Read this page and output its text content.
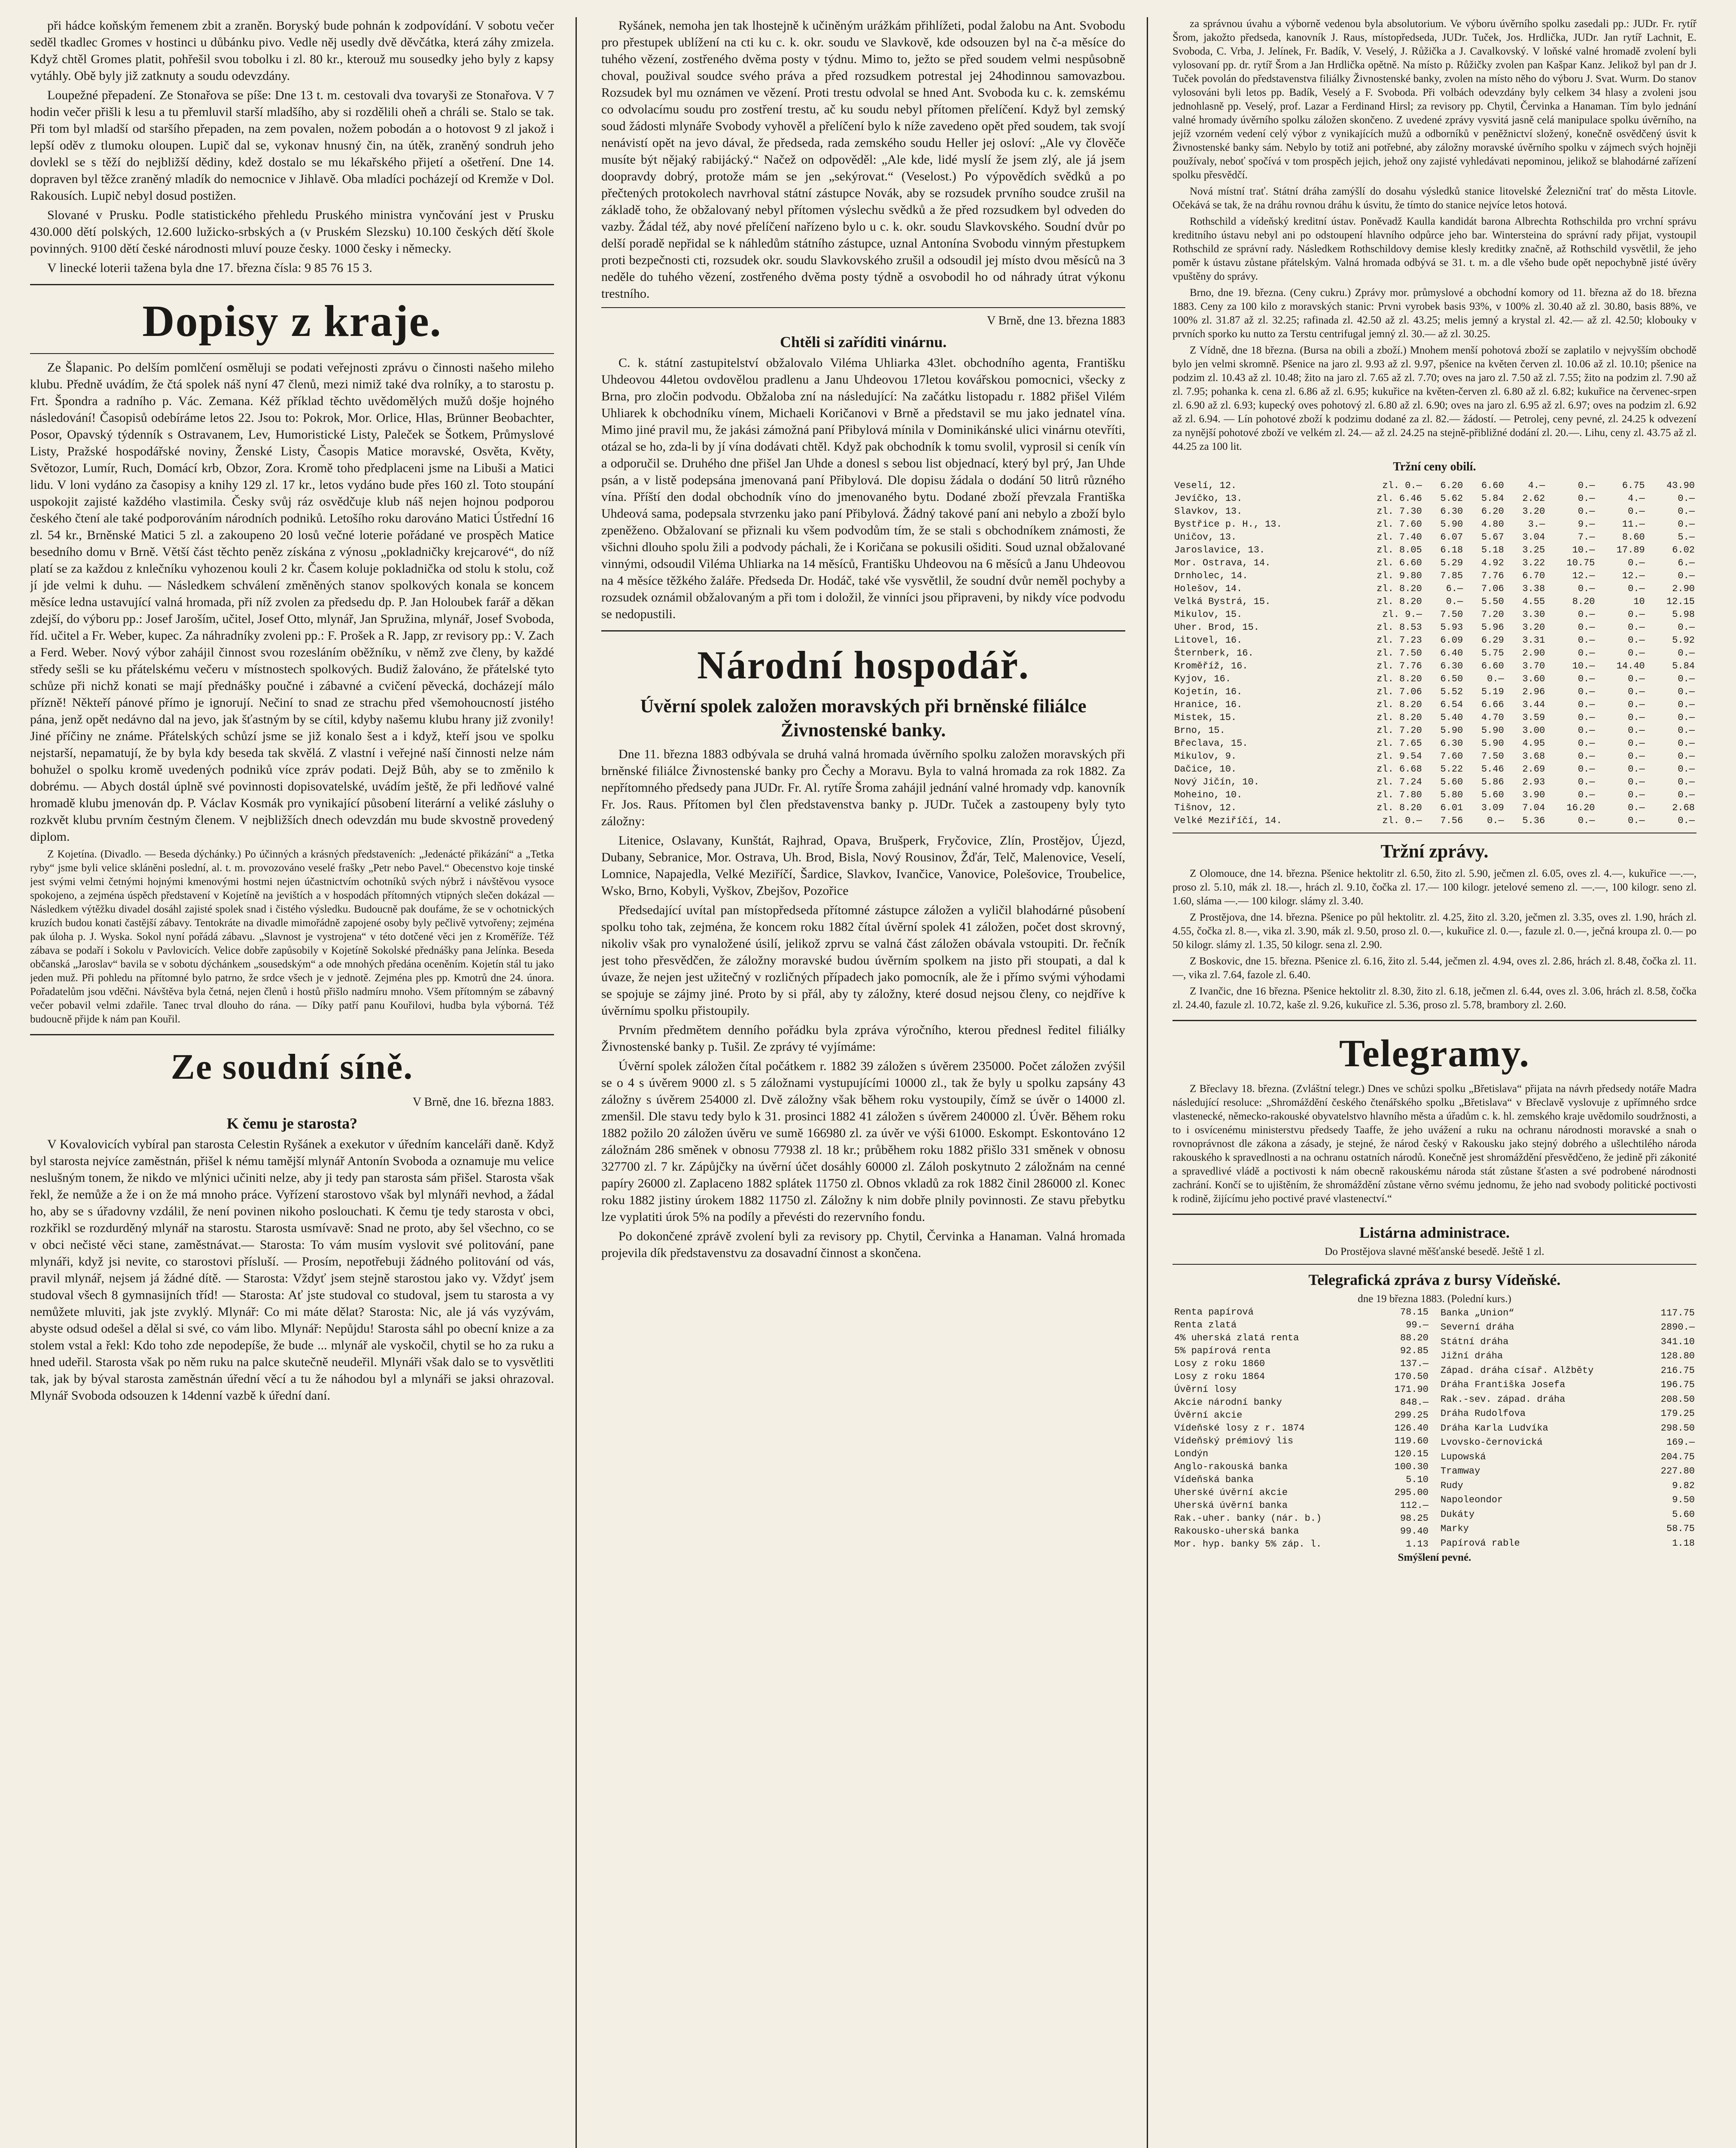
při hádce koňským řemenem zbit a zraněn. Boryský bude pohnán k zodpovídání. V sobotu večer seděl tkadlec Gromes v hostinci u důbánku pivo. Vedle něj usedly dvě děvčátka, která záhy zmizela. Když chtěl Gromes platit, pohřešil svou tobolku i zl. 80 kr., kterouž mu sousedky jeho byly z kapsy vytáhly. Obě byly již zatknuty a soudu odevzdány.

Loupežné přepadení. Ze Stonařova se píše: Dne 13 t. m. cestovali dva tovaryši ze Stonařova. V 7 hodin večer přišli k lesu a tu přemluvil starší mladšího, aby si rozdělili oheň a chráli se. Stalo se tak. Při tom byl mladší od staršího přepaden, na zem povalen, nožem pobodán a o hotovost 9 zl jakož i lepší oděv z tlumoku oloupen. Lupič dal se, vykonav hnusný čin, na útěk, zraněný sondruh jeho dovlekl se s těží do nejbližší dědiny, kdež dostalo se mu lékařského přijetí a ošetření. Dne 14. dopraven byl těžce zraněný mladík do nemocnice v Jihlavě. Oba mladíci pocházejí od Kremže v Dol. Rakousích. Lupič nebyl dosud postižen.

Slované v Prusku. Podle statistického přehledu Pruského ministra vynčování jest v Prusku 430.000 dětí polských, 12.600 lužicko-srbských a (v Pruském Slezsku) 10.100 českých dětí škole povinných. 9100 dětí české národnosti mluví pouze česky. 1000 česky i německy.

V linecké loterii tažena byla dne 17. března čísla: 9 85 76 15 3.

Dopisy z kraje.

Ze Šlapanic. Po delším pomlčení osměluji se podati veřejnosti zprávu o činnosti našeho mileho klubu. Předně uvádím, že čtá spolek náš nyní 47 členů, mezi nimiž také dva rolníky, a to starostu p. Frt. Špondra a radního p. Vác. Zemana. Kéž příklad těchto uvědomělých mužů došje hojného následování! Časopisů odebíráme letos 22. Jsou to: Pokrok, Mor. Orlice, Hlas, Brünner Beobachter, Posor, Opavský týdenník s Ostravanem, Lev, Humoristické Listy, Paleček se Šotkem, Průmyslové Listy, Pražské hospodářské noviny, Ženské Listy, Časopis Matice moravské, Osvěta, Květy, Světozor, Lumír, Ruch, Domácí krb, Obzor, Zora. Kromě toho předplaceni jsme na Libuši a Matici lidu. V loni vydáno za časopisy a knihy 129 zl. 17 kr., letos vydáno bude přes 160 zl. Toto stoupání uspokojit zajisté každého vlastimila. Česky svůj ráz osvědčuje klub náš nejen hojnou podporou českého čtení ale také podporováním národních podniků. Letošího roku darováno Matici Ústřední 16 zl. 54 kr., Brněnské Matici 5 zl. a zakoupeno 20 losů večné loterie pořádané ve prospěch Matice besedního domu v Brně. Větší část těchto peněz získána z výnosu „pokladničky krejcarové“, do níž platí se za každou z knlečníku vyhozenou kouli 2 kr. Časem koluje pokladnička od stolu k stolu, což jí jde velmi k duhu. — Následkem schválení změněných stanov spolkových konala se koncem měsíce ledna ustavující valná hromada, při níž zvolen za předsedu dp. P. Jan Holoubek farář a děkan zdejší, do výboru pp.: Josef Jaroším, učitel, Josef Otto, mlynář, Jan Spružina, mlynář, Josef Svoboda, říd. učitel a Fr. Weber, kupec. Za náhradníky zvoleni pp.: F. Prošek a R. Japp, zr revisory pp.: V. Zach a Ferd. Weber. Nový výbor zahájil činnost svou rozesláním oběžníku, v němž zve členy, by každé středy sešli se ku přátelskému večeru v místnostech spolkových. Budiž žalováno, že přátelské tyto schůze při nichž konati se mají přednášky poučné i zábavné a cvičení pěvecká, docházejí málo přízně! Někteří pánové přímo je ignorují. Nečiní to snad ze strachu před všemohoucností jistého pána, jenž opět nedávno dal na jevo, jak šťastným by se cítil, kdyby našemu klubu hrany již zvonily! Jiné příčiny ne známe. Přátelských schůzí jsme se již konalo šest a i když, kteří jsou ve spolku nejstarší, nepamatují, že by byla kdy beseda tak skvělá. Z vlastní i veřejné naší činnosti nelze nám bohužel o spolku kromě uvedených podniků více zpráv podati. Dejž Bůh, aby se to změnilo k dobrému. — Abych dostál úplně své povinnosti dopisovatelské, uvádím ještě, že při ledňové valné hromadě klubu jmenován dp. P. Václav Kosmák pro vynikající působení literární a veliké zásluhy o rozkvět klubu prvním čestným členem. V nejbližších dnech odevzdán mu bude skvostně provedený diplom.

Z Kojetína. (Divadlo. — Beseda dýchánky.) Po účinných a krásných představeních: „Jedenácté přikázání“ a „Tetka ryby“ jsme byli velice skláněni poslední, al. t. m. provozováno veselé frašky „Petr nebo Pavel.“ Obecenstvo koje tinské jest svými velmi četnými hojnými kmenovými hostmi nejen účastnictvím ochotníků svých nýbrž i návštěvou vysoce spokojeno, a zejména úspěch představení v Kojetíně na jevištích a v hospodách přítomných vtipných slečen dokázal — Následkem výtěžku divadel dosáhl zajisté spolek snad i čistého výsledku. Budoucně pak doufáme, že se v ochotnických kruzích budou konati častější zábavy. Tentokráte na divadle mimořádně zapojené osoby byly pečlivě vytvořeny; zejména pak úloha p. J. Wyska. Sokol nyní pořádá zábavu. „Slavnost je vystrojena“ v této dotčené věci jen z Kroměříže. Též zábava se podaří i Sokolu v Pavlovicích. Velice dobře zapůsobily v Kojetíně Sokolské přednášky pana Jelínka. Beseda občanská „Jaroslav“ bavila se v sobotu dýchánkem „sousedským“ a ode mnohých předána oceněním. Kojetín stál tu jako jeden muž. Při pohledu na přítomné bylo patrno, že srdce všech je v jednotě. Zejména ples pp. Kmotrů dne 24. února. Pořadatelům jsou vděčni. Návštěva byla četná, nejen členů i hostů přišlo nadmíru mnoho. Všem přítomným se zábavný večer pobavil velmi zdařile. Tanec trval dlouho do rána. — Díky patří panu Kouřilovi, hudba byla výborná. Též budoucně přijde k nám pan Kouřil.

Ze soudní síně.
V Brně, dne 16. března 1883.
K čemu je starosta?

V Kovalovicích vybíral pan starosta Celestin Ryšánek a exekutor v úředním kanceláři daně. Když byl starosta nejvíce zaměstnán, přišel k nému tamější mlynář Antonín Svoboda a oznamuje mu velice neslušným tonem, že nikdo ve mlýnici učiniti nelze, aby ji tedy pan starosta sám přišel. Starosta však řekl, že nemůže a že i on že má mnoho práce. Vyřízení starostovo však byl mlynáři nevhod, a žádal ho, aby se s úřadovny vzdálil, že není povinen nikoho poslouchati. K čemu tje tedy starosta v obci, rozkřikl se rozdurděný mlynář na starostu. Starosta usmívavě: Snad ne proto, aby šel všechno, co se v obci nečisté věci stane, zaměstnávat.— Starosta: To vám musím vyslovit své politování, pane mlynáři, když jsi nevite, co starostovi přísluší. — Prosím, nepotřebuji žádného politování od vás, pravil mlynář, nejsem já žádné dítě. — Starosta: Vždyť jsem stejně starostou jako vy. Vždyť jsem studoval všech 8 gymnasijních tříd! — Starosta: Ať jste studoval co studoval, jsem tu starosta a vy nemůžete mluviti, jak jste zvyklý. Mlynář: Co mi máte dělat? Starosta: Nic, ale já vás vyzývám, abyste odsud odešel a dělal si své, co vám libo. Mlynář: Nepůjdu! Starosta sáhl po obecní knize a za stolem vstal a řekl: Kdo toho zde nepodepíše, že bude ... mlynář ale vyskočil, chytil se ho za ruku a hned udeřil. Starosta však po něm ruku na palce skutečně neudeřil. Mlynáři však dalo se to vysvětliti tak, jak by býval starosta zaměstnán úřední věcí a tu že náhodou byl a mlynáři se jaksi ohrazoval. Mlynář Svoboda odsouzen k 14denní vazbě k úřední daní.

Ryšánek, nemoha jen tak lhostejně k učiněným urážkám přihlížeti, podal žalobu na Ant. Svobodu pro přestupek ublížení na cti ku c. k. okr. soudu ve Slavkově, kde odsouzen byl na č-a měsíce do tuhého vězení, zostřeného dvěma posty v týdnu. Mimo to, ježto se před soudem velmi nespůsobně choval, použival soudce svého práva a před rozsudkem potrestal jej 24hodinnou samovazbou. Rozsudek byl mu oznámen ve vězení. Proti trestu odvolal se hned Ant. Svoboda ku c. k. zemskému co odvolacímu soudu pro zostření trestu, ač ku soudu nebyl přítomen přelíčení. Když byl zemský soud žádosti mlynáře Svobody vyhověl a přelíčení bylo k níže zavedeno opět před soudem, tak svojí nenávistí opět na jevo dával, že předseda, rada zemského soudu Heller jej osloví: „Ale vy člověče musíte být nějaký rabijácký.“ Načež on odpověděl: „Ale kde, lidé myslí že jsem zlý, ale já jsem doopravdy dobrý, protože mám se jen „sekýrovat.“ (Veselost.) Po výpovědích svědků a po přečtených protokolech navrhoval státní zástupce Novák, aby se rozsudek prvního soudce zrušil na základě toho, že obžalovaný nebyl přítomen výslechu svědků a že před rozsudkem byl odveden do vazby. Žádal též, aby nové přelíčení nařízeno bylo u c. k. okr. soudu Slavkovského. Soudní dvůr po delší poradě nepřidal se k náhledům státního zástupce, uznal Antonína Svobodu vinným přestupkem proti bezpečnosti cti, rozsudek okr. soudu Slavkovského zrušil a odsoudil jej místo dvou měsíců na 3 neděle do tuhého vězení, zostřeného dvěma posty týdně a osvobodil ho od náhrady útrat výkonu trestního.

V Brně, dne 13. března 1883
Chtěli si zaříditi vinárnu.

C. k. státní zastupitelství obžalovalo Viléma Uhliarka 43let. obchodního agenta, Františku Uhdeovou 44letou ovdovělou pradlenu a Janu Uhdeovou 17letou kovářskou pomocnici, všecky z Brna, pro zločin podvodu. Obžaloba zní na následující: Na začátku listopadu r. 1882 přišel Vilém Uhliarek k obchodníku vínem, Michaeli Koričanovi v Brně a představil se mu jako jednatel vína. Mimo jiné pravil mu, že jakási zámožná paní Přibylová mínila v Dominikánské ulici vinárnu otevříti, otázal se ho, zda-li by jí vína dodávati chtěl. Když pak obchodník k tomu svolil, vyprosil si ceník vín a odporučil se. Druhého dne přišel Jan Uhde a donesl s sebou list objednací, který byl prý, Jan Uhde psán, a v listě podepsána jmenovaná paní Přibylová. Dle dopisu žádala o dodání 50 litrů různého vína. Příští den dodal obchodník víno do jmenovaného bytu. Dodané zboží převzala Františka Uhdeová sama, podepsala stvrzenku jako paní Přibylová. Žádný takové paní ani nebylo a zboží bylo zpeněženo. Obžalovaní se přiznali ku všem podvodům tím, že se stali s obchodníkem známosti, že všichni dlouho spolu žili a podvody páchali, že i Koričana se pokusili ošiditi. Soud uznal obžalované vinnými, odsoudil Viléma Uhliarka na 14 měsíců, Františku Uhdeovou na 6 měsíců a Janu Uhdeovou na 4 měsíce těžkého žaláře. Předseda Dr. Hodáč, také vše vysvětlil, že soudní dvůr neměl pochyby a rozsudek oznámil obžalovaným a při tom i doložil, že vinníci jsou připraveni, by nikdy více podvodu se nedopustili.

Národní hospodář.
Úvěrní spolek založen moravských při brněnské filiálce Živnostenské banky.

Dne 11. března 1883 odbývala se druhá valná hromada úvěrního spolku založen moravských při brněnské filiálce Živnostenské banky pro Čechy a Moravu. Byla to valná hromada za rok 1882. Za nepřítomného předsedy pana JUDr. Fr. Al. rytíře Šroma zahájil jednání valné hromady vdp. kanovník Fr. Jos. Raus. Přítomen byl člen představenstva banky p. JUDr. Tuček a zastoupeny byly tyto záložny:

Litenice, Oslavany, Kunštát, Rajhrad, Opava, Brušperk, Fryčovice, Zlín, Prostějov, Újezd, Dubany, Sebranice, Mor. Ostrava, Uh. Brod, Bisla, Nový Rousinov, Žďár, Telč, Malenovice, Veselí, Lomnice, Napajedla, Velké Meziříčí, Šardice, Slavkov, Ivančice, Vanovice, Polešovice, Troubelice, Wsko, Brno, Kobyli, Vyškov, Zbejšov, Pozořice

Předsedající uvítal pan místopředseda přítomné zástupce záložen a vyličil blahodárné působení spolku toho tak, zejména, že koncem roku 1882 čítal úvěrní spolek 41 záložen, počet dost skrovný, nikoliv však pro vynaložené úsilí, jelikož zprvu se valná část záložen obávala vstoupiti. Dr. řečník jest toho přesvědčen, že záložny moravské budou úvěrním spolkem na jisto při stoupati, a dal k úvaze, že nejen jest užitečný v rozličných případech jako pomocník, ale že i přímo svými výhodami se spojuje se zájmy jiné. Proto by si přál, aby ty záložny, které dosud nejsou členy, co nejdříve k úvěrnímu spolku přistoupily.

Prvním předmětem denního pořádku byla zpráva výročního, kterou přednesl ředitel filiálky Živnostenské banky p. Tušil. Ze zprávy té vyjímáme:

Úvěrní spolek záložen čítal počátkem r. 1882 39 záložen s úvěrem 235000. Počet záložen zvýšil se o 4 s úvěrem 9000 zl. s 5 záložnami vystupujícími 10000 zl., tak že byly u spolku zapsány 43 záložny s úvěrem 254000 zl. Dvě záložny však během roku vystoupily, čímž se úvěr o 14000 zl. zmenšil. Dle stavu tedy bylo k 31. prosinci 1882 41 záložen s úvěrem 240000 zl. Úvěr. Během roku 1882 požilo 20 záložen úvěru ve sumě 166980 zl. za úvěr ve výši 61000. Eskompt. Eskontováno 12 záložnám 286 směnek v obnosu 77938 zl. 18 kr.; průběhem roku 1882 přišlo 331 směnek v obnosu 327700 zl. 7 kr. Zápůjčky na úvěrní účet dosáhly 60000 zl. Záloh poskytnuto 2 záložnám na cenné papíry 26000 zl. Zaplaceno 1882 splátek 11750 zl. Obnos vkladů za rok 1882 činil 286000 zl. Konec roku 1882 jistiny úrokem 1882 11750 zl. Záložny k nim dobře plnily povinnosti. Ze stavu přebytku lze vyplatiti úrok 5% na podíly a převésti do rezervního fondu.

Po dokončené zprávě zvolení byli za revisory pp. Chytil, Červinka a Hanaman. Valná hromada projevila dík představenstvu za dosavadní činnost a skončena.

za správnou úvahu a výborně vedenou byla absolutorium. Ve výboru úvěrního spolku zasedali pp.: JUDr. Fr. rytíř Šrom, jakožto předseda, kanovník J. Raus, místopředseda, JUDr. Tuček, Jos. Hrdlička, JUDr. Jan rytíř Lachnit, E. Svoboda, C. Vrba, J. Jelínek, Fr. Badík, V. Veselý, J. Růžička a J. Cavalkovský. V loňské valné hromadě zvolení byli vylosovaní pp. dr. rytíř Šrom a Jan Hrdlička opětně. Na místo p. Růžičky zvolen pan Kašpar Kanz. Jelikož byl pan dr J. Tuček povolán do představenstva filiálky Živnostenské banky, zvolen na místo něho do výboru J. Svat. Wurm. Do stanov vylosováni byli letos pp. Badík, Veselý a F. Svoboda. Při volbách odevzdány byly celkem 34 hlasy a zvoleni jsou jednohlasně pp. Veselý, prof. Lazar a Ferdinand Hirsl; za revisory pp. Chytil, Červinka a Hanaman. Tím bylo jednání valné hromady úvěrního spolku záložen skončeno. Z uvedené zprávy vysvitá jasně celá manipulace spolku úvěrního, na jejíž vzorném vedení celý výbor z vynikajících mužů a odborníků v peněžnictví složený, konečně osvědčený úsvit k Živnostenské banky sám. Nebylo by totiž ani potřebné, aby záložny moravské úvěrního spolku v zájmech svých hojněji používaly, neboť spočívá v tom prospěch jejich, jehož ony zajisté vyhledávati nepominou, jelikož se blahodárné zařízení spolku přesvědčí.

Nová místní trať. Státní dráha zamýšlí do dosahu výsledků stanice litovelské Železniční trať do města Litovle. Očekává se tak, že na dráhu rovnou dráhu k úsvitu, že tímto do stanice nejvíce letos hotová.

Rothschild a vídeňský kreditní ústav. Poněvadž Kaulla kandidát barona Albrechta Rothschilda pro vrchní správu kreditního ústavu nebyl ani po odstoupení hlavního odpůrce jeho bar. Wintersteina do správní rady přijat, vystoupil Rothschild ze správní rady. Následkem Rothschildovy demise klesly kreditky značně, až Rothschild vysvětlil, že jeho poměr k ústavu zůstane přátelským. Valná hromada odbývá se 31. t. m. a dle všeho bude opět nepochybně jisté úvěry vpuštěny do správy.

Brno, dne 19. března. (Ceny cukru.) Zprávy mor. průmyslové a obchodní komory od 11. března až do 18. března 1883. Ceny za 100 kilo z moravských stanic: Prvni vyrobek basis 93%, v 100% zl. 30.40 až zl. 30.80, basis 88%, ve 100% zl. 31.87 až zl. 32.25; rafinada zl. 42.50 až zl. 43.25; melis jemný a krystal zl. 42.— až zl. 42.50; klobouky v prvních sporko ku nutto za Terstu centrifugal jemný zl. 30.— až zl. 30.25.

Z Vídně, dne 18 března. (Bursa na obili a zboží.) Mnohem menší pohotová zboží se zaplatilo v nejvyšším obchodě bylo jen velmi skromně. Pšenice na jaro zl. 9.93 až zl. 9.97, pšenice na květen červen zl. 10.06 až zl. 10.10; pšenice na podzim zl. 10.43 až zl. 10.48; žito na jaro zl. 7.65 až zl. 7.70; oves na jaro zl. 7.50 až zl. 7.55; žito na podzim zl. 7.90 až zl. 7.95; pohanka k. cena zl. 6.86 až zl. 6.95; kukuřice na květen-červen zl. 6.80 až zl. 6.82; kukuřice na červenec-srpen zl. 6.90 až zl. 6.93; kupecký oves pohotový zl. 6.80 až zl. 6.90; oves na jaro zl. 6.95 až zl. 6.97; oves na podzim zl. 6.92 až zl. 6.94. — Lín pohotové zboží k podzimu dodané za zl. 82.— žádostí. — Petrolej, ceny pevné, zl. 24.25 k odvezení za nynější pohotové zboží ve velkém zl. 24.— až zl. 24.25 na stejně-přibližné dodání zl. 20.—. Lihu, ceny zl. 43.75 až zl. 44.25 za 100 lit.

Tržní ceny obilí.
Veselí, 12.	zl. 0.—	6.20	6.60	4.—	0.—	6.75	43.90
Jevíčko, 13.	zl. 6.46	5.62	5.84	2.62	0.—	4.—	0.—
Slavkov, 13.	zl. 7.30	6.30	6.20	3.20	0.—	0.—	0.—
Bystřice p. H., 13.	zl. 7.60	5.90	4.80	3.—	9.—	11.—	0.—
Uničov, 13.	zl. 7.40	6.07	5.67	3.04	7.—	8.60	5.—
Jaroslavice, 13.	zl. 8.05	6.18	5.18	3.25	10.—	17.89	6.02
Mor. Ostrava, 14.	zl. 6.60	5.29	4.92	3.22	10.75	0.—	6.—
Drnholec, 14.	zl. 9.80	7.85	7.76	6.70	12.—	12.—	0.—
Holešov, 14.	zl. 8.20	6.—	7.06	3.38	0.—	0.—	2.90
Velká Bystrá, 15.	zl. 8.20	0.—	5.50	4.55	8.20	10	12.15
Mikulov, 15.	zl. 9.—	7.50	7.20	3.30	0.—	0.—	5.98
Uher. Brod, 15.	zl. 8.53	5.93	5.96	3.20	0.—	0.—	0.—
Litovel, 16.	zl. 7.23	6.09	6.29	3.31	0.—	0.—	5.92
Šternberk, 16.	zl. 7.50	6.40	5.75	2.90	0.—	0.—	0.—
Kroměříž, 16.	zl. 7.76	6.30	6.60	3.70	10.—	14.40	5.84
Kyjov, 16.	zl. 8.20	6.50	0.—	3.60	0.—	0.—	0.—
Kojetín, 16.	zl. 7.06	5.52	5.19	2.96	0.—	0.—	0.—
Hranice, 16.	zl. 8.20	6.54	6.66	3.44	0.—	0.—	0.—
Mistek, 15.	zl. 8.20	5.40	4.70	3.59	0.—	0.—	0.—
Brno, 15.	zl. 7.20	5.90	5.90	3.00	0.—	0.—	0.—
Břeclava, 15.	zl. 7.65	6.30	5.90	4.95	0.—	0.—	0.—
Mikulov, 9.	zl. 9.54	7.60	7.50	3.68	0.—	0.—	0.—
Dačice, 10.	zl. 6.68	5.22	5.46	2.69	0.—	0.—	0.—
Nový Jičín, 10.	zl. 7.24	5.60	5.86	2.93	0.—	0.—	0.—
Moheino, 10.	zl. 7.80	5.80	5.60	3.90	0.—	0.—	0.—
Tišnov, 12.	zl. 8.20	6.01	3.09	7.04	16.20	0.—	2.68
Velké Meziříčí, 14.	zl. 0.—	7.56	0.—	5.36	0.—	0.—	0.—
Tržní zprávy.

Z Olomouce, dne 14. března. Pšenice hektolitr zl. 6.50, žito zl. 5.90, ječmen zl. 6.05, oves zl. 4.—, kukuřice —.—, proso zl. 5.10, mák zl. 18.—, hrách zl. 9.10, čočka zl. 17.— 100 kilogr. jetelové semeno zl. —.—, 100 kilogr. seno zl. 1.60, sláma —.— 100 kilogr. slámy zl. 3.40.

Z Prostějova, dne 14. března. Pšenice po půl hektolitr. zl. 4.25, žito zl. 3.20, ječmen zl. 3.35, oves zl. 1.90, hrách zl. 4.55, čočka zl. 8.—, vika zl. 3.90, mák zl. 9.50, proso zl. 0.—, kukuřice zl. 0.—, fazule zl. 0.—, ječná kroupa zl. 0.— po 50 kilogr. slámy zl. 1.35, 50 kilogr. sena zl. 2.90.

Z Boskovic, dne 15. března. Pšenice zl. 6.16, žito zl. 5.44, ječmen zl. 4.94, oves zl. 2.86, hrách zl. 8.48, čočka zl. 11.—, vika zl. 7.64, fazole zl. 6.40.

Z Ivančic, dne 16 března. Pšenice hektolitr zl. 8.30, žito zl. 6.18, ječmen zl. 6.44, oves zl. 3.06, hrách zl. 8.58, čočka zl. 24.40, fazule zl. 10.72, kaše zl. 9.26, kukuřice zl. 5.36, proso zl. 5.78, brambory zl. 2.60.

Telegramy.

Z Břeclavy 18. března. (Zvláštní telegr.) Dnes ve schůzi spolku „Břetislava“ přijata na návrh předsedy notáře Madra následující resoluce: „Shromáždění českého čtenářského spolku „Břetislava“ v Břeclavě vyslovuje z upřímného srdce vlastenecké, německo-rakouské obyvatelstvo hlavního města a úřadům c. k. hl. zemského kraje uvědomilo soudržnosti, a to i osvícenému ministerstvu předsedy Taaffe, že jeho uvážení a ruku na ochranu národnosti moravské a snah o rovnoprávnost dle zákona a zásady, je stejné, že národ český v Rakousku jako stejný dobrého a ušlechtilého národa rakouského k spravedlnosti a na ochranu ostatních národů. Konečně jest shromáždění přesvědčeno, že jedině při zákonité a spravedlivé vládě a poctivosti k nám obecně rakouskému národa stát zůstane šťasten a své podrobené národnosti zachrání. Končí se to ujištěním, že shromáždění zůstane věrno svému jednomu, že jeho nad svobody politické poctivosti k rodině, žijícímu jeho poctivé pravé vlastenectví.“

Listárna administrace.
Do Prostějova slavné měšťanské besedě. Ještě 1 zl.
Telegrafická zpráva z bursy Vídeňské.
dne 19 března 1883. (Polední kurs.)
Renta papírová	78.15
Renta zlatá	99.—
4% uherská zlatá renta	88.20
5% papírová renta	92.85
Losy z roku 1860	137.—
Losy z roku 1864	170.50
Úvěrní losy	171.90
Akcie národní banky	848.—
Úvěrní akcie	299.25
Vídeňské losy z r. 1874	126.40
Vídeňský prémiový lis	119.60
Londýn	120.15
Anglo-rakouská banka	100.30
Vídeňská banka	5.10
Uherské úvěrní akcie	295.00
Uherská úvěrní banka	112.—
Rak.-uher. banky (nár. b.)	98.25
Rakousko-uherská banka	99.40
Mor. hyp. banky 5% záp. l.	1.13
Banka „Union“	117.75
Severní dráha	2890.—
Státní dráha	341.10
Jižní dráha	128.80
Západ. dráha císař. Alžběty	216.75
Dráha Františka Josefa	196.75
Rak.-sev. západ. dráha	208.50
Dráha Rudolfova	179.25
Dráha Karla Ludvíka	298.50
Lvovsko-černovická	169.—
Lupowská	204.75
Tramway	227.80
Rudy	9.82
Napoleondor	9.50
Dukáty	5.60
Marky	58.75
Papírová rable	1.18
Smýšlení pevné.
